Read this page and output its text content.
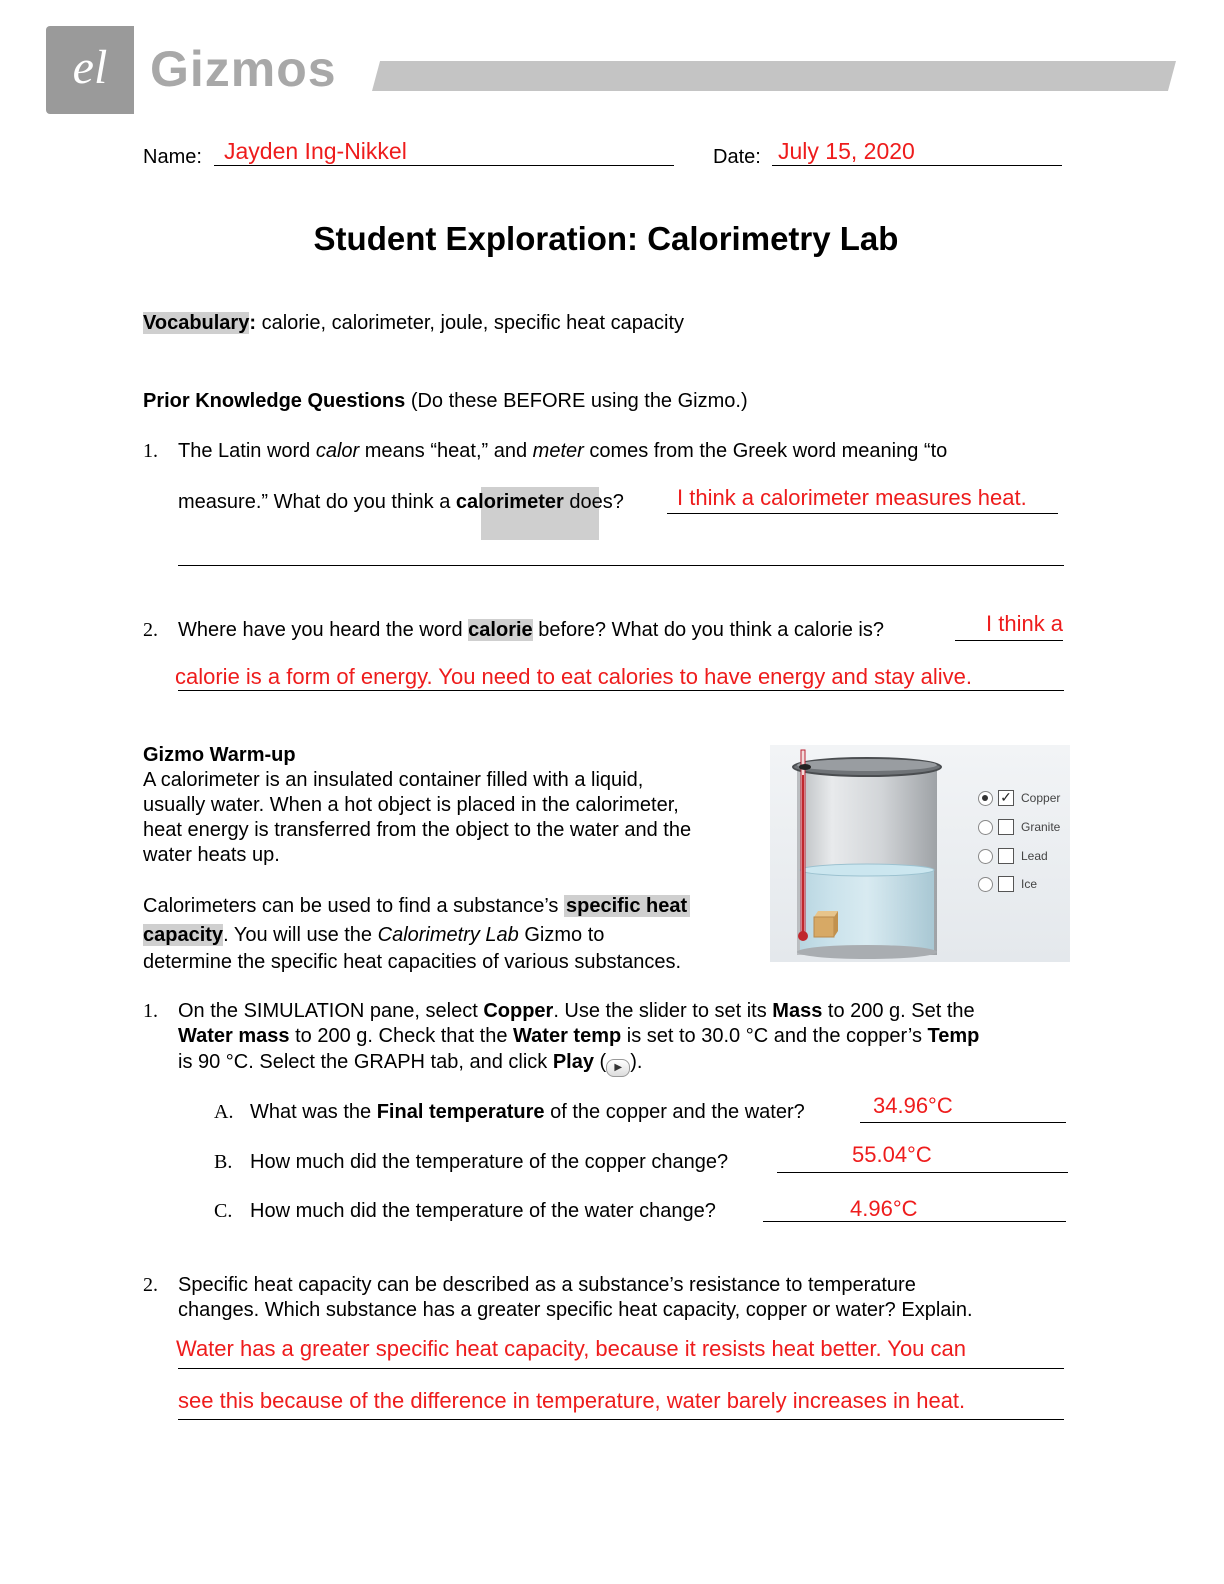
el Gizmos
Name: Jayden Ing-Nikkel	Date: July 15, 2020
Student Exploration: Calorimetry Lab
Vocabulary: calorie, calorimeter, joule, specific heat capacity
Prior Knowledge Questions (Do these BEFORE using the Gizmo.)
1. The Latin word calor means “heat,” and meter comes from the Greek word meaning “to
measure.” What do you think a calorimeter does? I think a calorimeter measures heat.
2. Where have you heard the word calorie before? What do you think a calorie is?	I think a
calorie is a form of energy. You need to eat calories to have energy and stay alive.
Gizmo Warm-up
A calorimeter is an insulated container filled with a liquid,
usually water. When a hot object is placed in the calorimeter,
heat energy is transferred from the object to the water and the
water heats up.
Calorimeters can be used to find a substance’s specific heat
capacity. You will use the Calorimetry Lab Gizmo to
determine the specific heat capacities of various substances.
✓ Copper
Granite
Lead
Ice
1. On the SIMULATION pane, select Copper. Use the slider to set its Mass to 200 g. Set the
Water mass to 200 g. Check that the Water temp is set to 30.0 °C and the copper’s Temp
is 90 °C. Select the GRAPH tab, and click Play ( ▶ ).
A. What was the Final temperature of the copper and the water?	34.96°C
B. How much did the temperature of the copper change?	55.04°C
C. How much did the temperature of the water change?	4.96°C
2. Specific heat capacity can be described as a substance’s resistance to temperature
changes. Which substance has a greater specific heat capacity, copper or water? Explain.
Water has a greater specific heat capacity, because it resists heat better. You can
see this because of the difference in temperature, water barely increases in heat.
